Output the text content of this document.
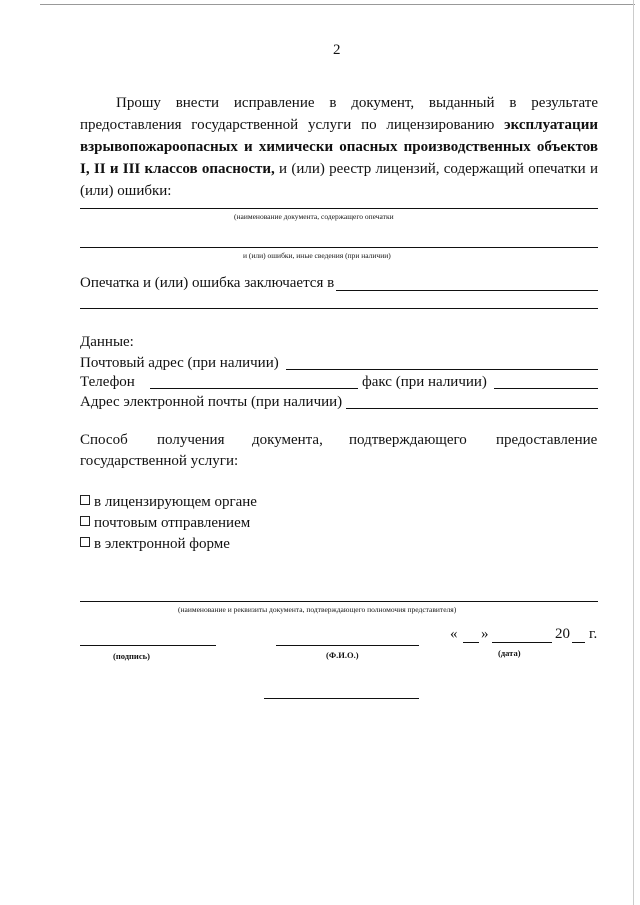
2
Прошу внести исправление в документ, выданный в результате предоставления государственной услуги по лицензированию эксплуатации взрывопожароопасных и химически опасных производственных объектов I, II и III классов опасности, и (или) реестр лицензий, содержащий опечатки и (или) ошибки:
(наименование документа, содержащего опечатки
и (или) ошибки, иные сведения (при наличии)
Опечатка и (или) ошибка заключается в
Данные:
Почтовый адрес (при наличии)
Телефон	факс (при наличии)
Адрес электронной почты (при наличии)
Способ получения документа, подтверждающего предоставление
государственной услуги:
в лицензирующем органе
почтовым отправлением
в электронной форме
(наименование и реквизиты документа, подтверждающего полномочия представителя)
(подпись)	(Ф.И.О.)
« »	20 г.
(дата)
